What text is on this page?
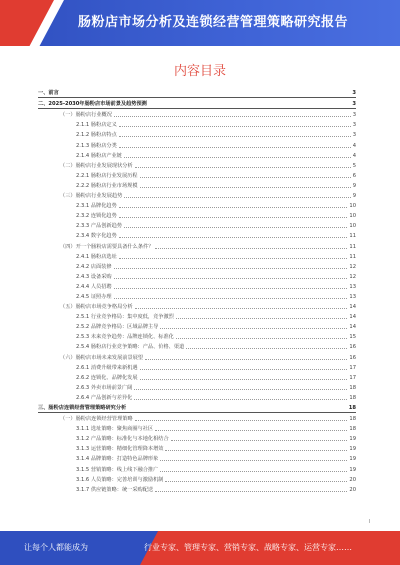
肠粉店市场分析及连锁经营管理策略研究报告
内容目录
一、前言	3
二、2025-2030年肠粉店市场前景及趋势预测	3
（一）肠粉店行业概况	3
2.1.1 肠粉店定义	3
2.1.2 肠粉店特点	3
2.1.3 肠粉店分类	4
2.1.4 肠粉店产业链	4
（二）肠粉店行业发展现状分析	5
2.2.1 肠粉店行业发展历程	6
2.2.2 肠粉店行业市场规模	9
（三）肠粉店行业发展趋势	9
2.3.1 品牌化趋势	10
2.3.2 连锁化趋势	10
2.3.3 产品创新趋势	10
2.3.4 数字化趋势	11
（四）开一个肠粉店需要具备什么条件？	11
2.4.1 肠粉店选址	11
2.4.2 店面装修	12
2.4.3 设备采购	12
2.4.4 人员招聘	13
2.4.5 证照办理	13
（五）肠粉店市场竞争格局分析	14
2.5.1 行业竞争格局：集中度低，竞争激烈	14
2.5.2 品牌竞争格局：区域品牌主导	14
2.5.3 未来竞争趋势：品牌连锁化、标准化	15
2.5.4 肠粉店行业竞争策略：产品、价格、渠道	16
（六）肠粉店市场未来发展前景展望	16
2.6.1 消费升级带来新机遇	17
2.6.2 连锁化、品牌化发展	17
2.6.3 外卖市场前景广阔	18
2.6.4 产品创新与差异化	18
三、肠粉店连锁经营管理策略研究分析	18
（一）肠粉店连锁经营管理策略	18
3.1.1 选址策略：聚焦商圈与社区	18
3.1.2 产品策略：标准化与本地化相结合	19
3.1.3 运营策略：精细化管理降本增效	19
3.1.4 品牌策略：打造特色品牌形象	19
3.1.5 营销策略：线上线下融合推广	19
3.1.6 人员策略：完善培训与激励机制	20
3.1.7 供应链策略：统一采购配送	20
I
让每个人都能成为	行业专家、管理专家、营销专家、战略专家、运营专家……
